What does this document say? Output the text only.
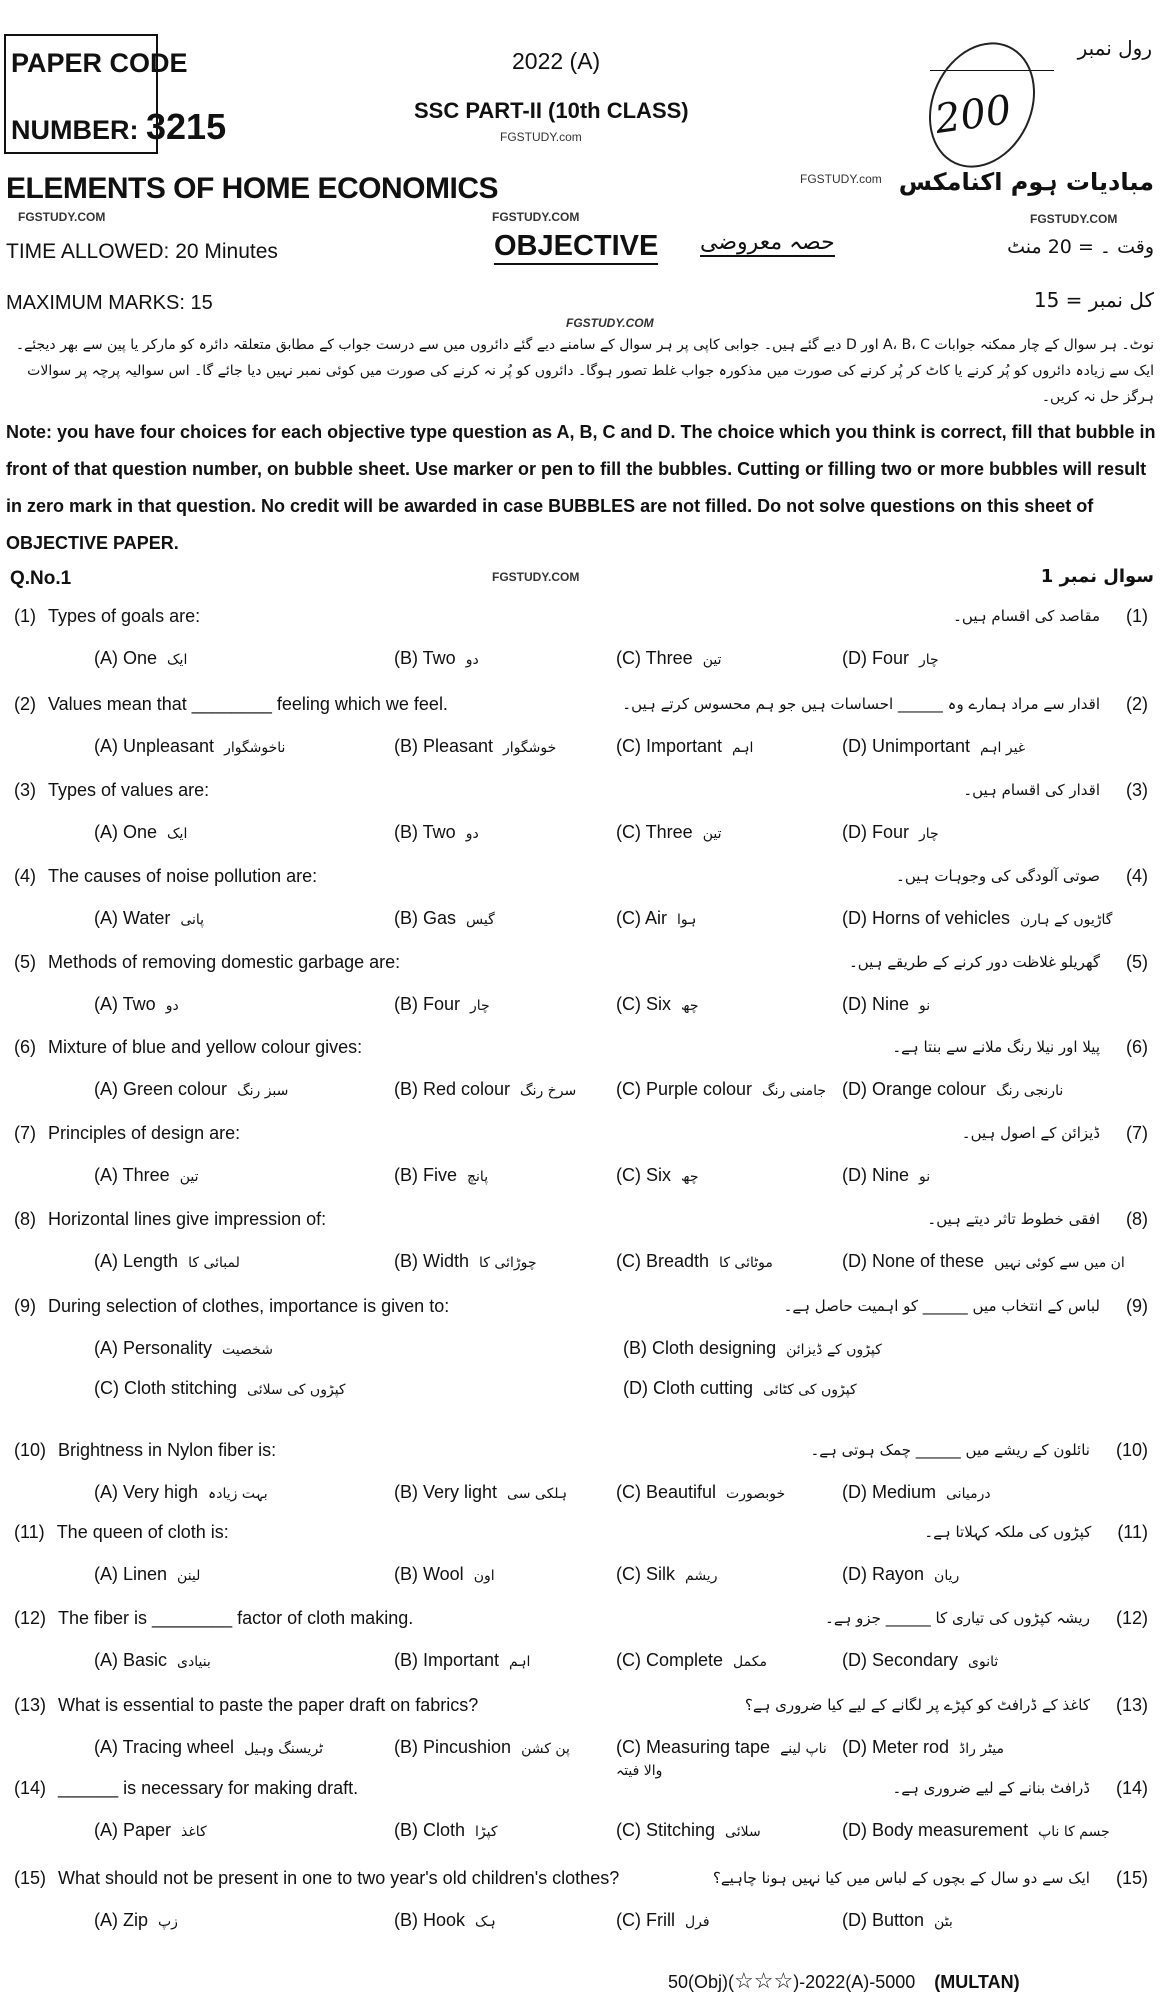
PAPER CODE
NUMBER: 3215
2022 (A)
SSC PART-II (10th CLASS)
FGSTUDY.com
رول نمبر
200
ELEMENTS OF HOME ECONOMICS	مبادیات ہوم اکنامکس
FGSTUDY.com
FGSTUDY.COM	FGSTUDY.COM	FGSTUDY.COM
TIME ALLOWED: 20 Minutes	OBJECTIVE حصہ معروضی	وقت ۔ = 20 منٹ
MAXIMUM MARKS: 15	کل نمبر = 15
FGSTUDY.COM
نوٹ۔ ہر سوال کے چار ممکنہ جوابات A، B، C اور D دیے گئے ہیں۔ جوابی کاپی پر ہر سوال کے سامنے دیے گئے دائروں میں سے درست جواب کے مطابق متعلقہ دائرہ کو مارکر یا پین سے بھر دیجئے۔ ایک سے زیادہ دائروں کو پُر کرنے یا کاٹ کر پُر کرنے کی صورت میں مذکورہ جواب غلط تصور ہوگا۔ دائروں کو پُر نہ کرنے کی صورت میں کوئی نمبر نہیں دیا جائے گا۔ اس سوالیہ پرچہ پر سوالات ہرگز حل نہ کریں۔
Note: you have four choices for each objective type question as A, B, C and D. The choice which you think is correct, fill that bubble in front of that question number, on bubble sheet. Use marker or pen to fill the bubbles. Cutting or filling two or more bubbles will result in zero mark in that question. No credit will be awarded in case BUBBLES are not filled. Do not solve questions on this sheet of OBJECTIVE PAPER.
Q.No.1	FGSTUDY.COM	سوال نمبر 1
(1) Types of goals are:	مقاصد کی اقسام ہیں۔ (1)
(A) One ایک	(B) Two دو	(C) Three تین	(D) Four چار
(2) Values mean that ________ feeling which we feel.	اقدار سے مراد ہمارے وہ ______ احساسات ہیں جو ہم محسوس کرتے ہیں۔ (2)
(A) Unpleasant ناخوشگوار	(B) Pleasant خوشگوار	(C) Important اہم	(D) Unimportant غیر اہم
(3) Types of values are:	اقدار کی اقسام ہیں۔ (3)
(A) One ایک	(B) Two دو	(C) Three تین	(D) Four چار
(4) The causes of noise pollution are:	صوتی آلودگی کی وجوہات ہیں۔ (4)
(A) Water پانی	(B) Gas گیس	(C) Air ہوا	(D) Horns of vehicles گاڑیوں کے ہارن
(5) Methods of removing domestic garbage are:	گھریلو غلاظت دور کرنے کے طریقے ہیں۔ (5)
(A) Two دو	(B) Four چار	(C) Six چھ	(D) Nine نو
(6) Mixture of blue and yellow colour gives:	پیلا اور نیلا رنگ ملانے سے بنتا ہے۔ (6)
(A) Green colour سبز رنگ	(B) Red colour سرخ رنگ	(C) Purple colour جامنی رنگ (D) Orange colour نارنجی رنگ
(7) Principles of design are:	ڈیزائن کے اصول ہیں۔ (7)
(A) Three تین	(B) Five پانچ	(C) Six چھ	(D) Nine نو
(8) Horizontal lines give impression of:	افقی خطوط تاثر دیتے ہیں۔ (8)
(A) Length لمبائی کا	(B) Width چوڑائی کا	(C) Breadth موٹائی کا	(D) None of these ان میں سے کوئی نہیں
(9) During selection of clothes, importance is given to:	لباس کے انتخاب میں ______ کو اہمیت حاصل ہے۔ (9)
(A) Personality شخصیت	(B) Cloth designing کپڑوں کے ڈیزائن
(C) Cloth stitching کپڑوں کی سلائی	(D) Cloth cutting کپڑوں کی کٹائی
(10) Brightness in Nylon fiber is:	نائلون کے ریشے میں ______ چمک ہوتی ہے۔ (10)
(A) Very high بہت زیادہ	(B) Very light ہلکی سی	(C) Beautiful خوبصورت	(D) Medium درمیانی
(11) The queen of cloth is:	کپڑوں کی ملکہ کہلاتا ہے۔ (11)
(A) Linen لینن	(B) Wool اون	(C) Silk ریشم	(D) Rayon ریان
(12) The fiber is ________ factor of cloth making.	ریشہ کپڑوں کی تیاری کا ______ جزو ہے۔ (12)
(A) Basic بنیادی	(B) Important اہم	(C) Complete مکمل	(D) Secondary ثانوی
(13) What is essential to paste the paper draft on fabrics?	کاغذ کے ڈرافٹ کو کپڑے پر لگانے کے لیے کیا ضروری ہے؟ (13)
(A) Tracing wheel ٹریسنگ وہیل	(B) Pincushion پن کشن	(C) Measuring tape ناپ لینے والا فیتہ
(D) Meter rod میٹر راڈ
(14) ______ is necessary for making draft.	ڈرافٹ بنانے کے لیے ضروری ہے۔ (14)
(A) Paper کاغذ	(B) Cloth کپڑا	(C) Stitching سلائی	(D) Body measurement جسم کا ناپ
(15) What should not be present in one to two year's old children's clothes?	ایک سے دو سال کے بچوں کے لباس میں کیا نہیں ہونا چاہیے؟ (15)
(A) Zip زپ	(B) Hook ہک	(C) Frill فرل	(D) Button بٹن
50(Obj)(☆☆☆)-2022(A)-5000 (MULTAN)
